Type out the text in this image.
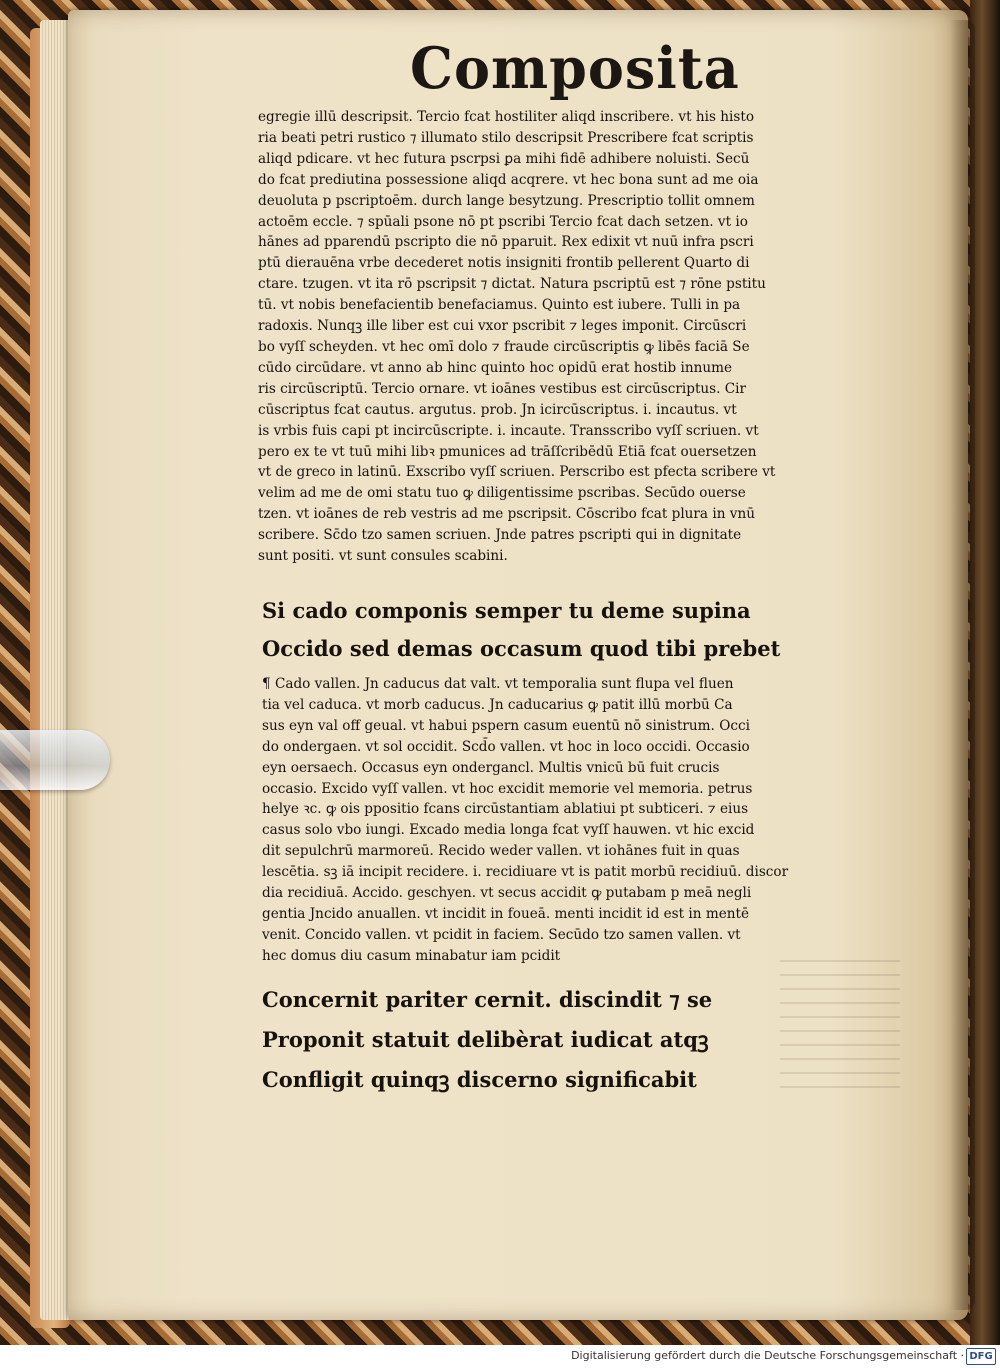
Composita
egregie illū descripsit. Tercio fcat hostiliter aliqd inscribere. vt his histo
ria beati petri rustico ⁊ illumato stilo descripsit Prescribere fcat scriptis
aliqd pdicare. vt hec futura pscrpsi ꝑa mihi fidē adhibere noluisti. Secū
do fcat prediutina possessione aliqd acqrere. vt hec bona sunt ad me oia
deuoluta p pscriptoēm. durch lange besytzung. Prescriptio tollit omnem
actoēm eccle. ⁊ spūali psone nō pt pscribi Tercio fcat dach setzen. vt io
hānes ad pparendū pscripto die nō pparuit. Rex edixit vt nuū infra pscri
ptū dierauēna vrbe decederet notis insigniti frontib pellerent Quarto di
ctare. tzugen. vt ita rō pscripsit ⁊ dictat. Natura pscriptū est ⁊ rōne pstitu
tū. vt nobis benefacientib benefaciamus. Quinto est iubere. Tulli in pa
radoxis. Nunqꝫ ille liber est cui vxor pscribit ⁊ leges imponit. Circūscri
bo vyſſ scheyden. vt hec omī dolo ⁊ fraude circūscriptis ꝙ libēs faciā Se
cūdo circūdare. vt anno ab hinc quinto hoc opidū erat hostib innume
ris circūscriptū. Tercio ornare. vt ioānes vestibus est circūscriptus. Cir
cūscriptus fcat cautus. argutus. prob. Jn icircūscriptus. i. incautus. vt
is vrbis fuis capi pt incircūscripte. i. incaute. Transscribo vyſſ scriuen. vt
pero ex te vt tuū mihi libꝛ pmunices ad trāſſcribēdū Etiā fcat ouersetzen
vt de greco in latinū. Exscribo vyſſ scriuen. Perscribo est pfecta scribere vt
velim ad me de omi statu tuo ꝙ diligentissime pscribas. Secūdo ouerse
tzen. vt ioānes de reb vestris ad me pscripsit. Cōscribo fcat plura in vnū
scribere. Sc̄do tzo samen scriuen. Jnde patres pscripti qui in dignitate
sunt positi. vt sunt consules scabini.
Si cado componis semper tu deme supina
Occido sed demas occasum quod tibi prebet
¶ Cado vallen. Jn caducus dat valt. vt temporalia sunt flupa vel fluen
tia vel caduca. vt morb caducus. Jn caducarius ꝙ patit illū morbū Ca
sus eyn val off geual. vt habui pspern casum euentū nō sinistrum. Occi
do ondergaen. vt sol occidit. Scd̄o vallen. vt hoc in loco occidi. Occasio
eyn oersaech. Occasus eyn ondergancl. Multis vnicū bū fuit crucis
occasio. Excido vyſſ vallen. vt hoc excidit memorie vel memoria. petrus
helye ꝛc. ꝙ ois ppositio fcans circūstantiam ablatiui pt subticeri. ⁊ eius
casus solo vbo iungi. Excado media longa fcat vyſſ hauwen. vt hic excid
dit sepulchrū marmoreū. Recido weder vallen. vt iohānes fuit in quas
lescētia. sꝫ iā incipit recidere. i. recidiuare vt is patit morbū recidiuū. discor
dia recidiuā. Accido. geschyen. vt secus accidit ꝙ putabam p meā negli
gentia Jncido anuallen. vt incidit in foueā. menti incidit id est in mentē
venit. Concido vallen. vt pcidit in faciem. Secūdo tzo samen vallen. vt
hec domus diu casum minabatur iam pcidit
Concernit pariter cernit. discindit ⁊ se
Proponit statuit delibèrat iudicat atqꝫ
Confligit quinqꝫ discerno significabit
Digitalisierung gefördert durch die Deutsche Forschungsgemeinschaft · DFG
